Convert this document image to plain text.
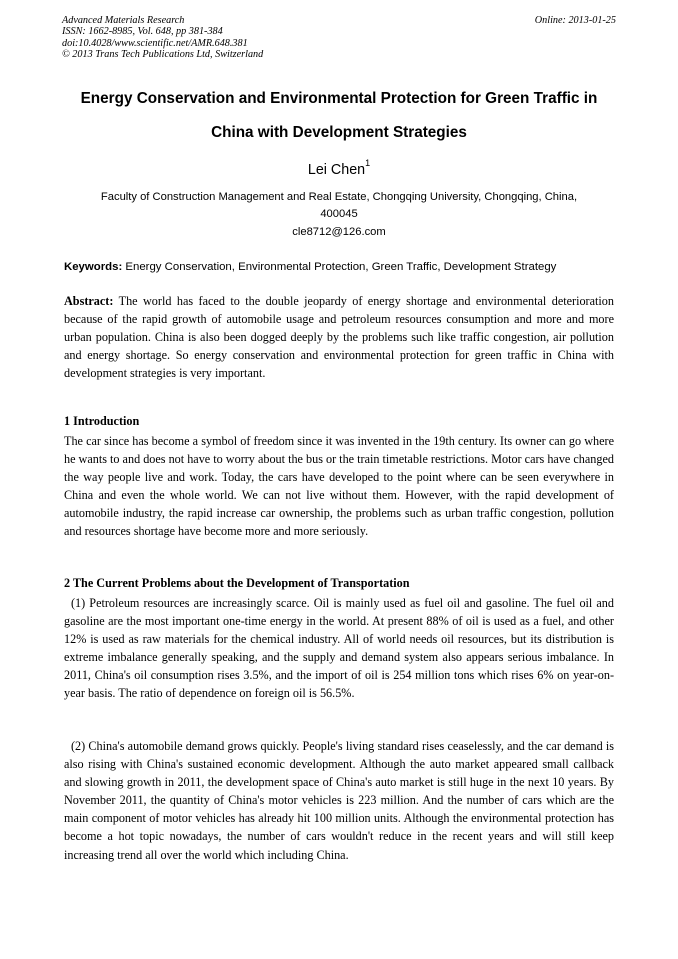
Advanced Materials Research
ISSN: 1662-8985, Vol. 648, pp 381-384
doi:10.4028/www.scientific.net/AMR.648.381
© 2013 Trans Tech Publications Ltd, Switzerland
Online: 2013-01-25
Energy Conservation and Environmental Protection for Green Traffic in
China with Development Strategies
Lei Chen$^1$
Faculty of Construction Management and Real Estate, Chongqing University, Chongqing, China,
400045
cle8712@126.com
Keywords: Energy Conservation, Environmental Protection, Green Traffic, Development Strategy
Abstract: The world has faced to the double jeopardy of energy shortage and environmental deterioration because of the rapid growth of automobile usage and petroleum resources consumption and more and more urban population. China is also been dogged deeply by the problems such like traffic congestion, air pollution and energy shortage. So energy conservation and environmental protection for green traffic in China with development strategies is very important.
1 Introduction
The car since has become a symbol of freedom since it was invented in the 19th century. Its owner can go where he wants to and does not have to worry about the bus or the train timetable restrictions. Motor cars have changed the way people live and work. Today, the cars have developed to the point where can be seen everywhere in China and even the whole world. We can not live without them. However, with the rapid development of automobile industry, the rapid increase car ownership, the problems such as urban traffic congestion, pollution and resources shortage have become more and more seriously.
2 The Current Problems about the Development of Transportation
(1) Petroleum resources are increasingly scarce. Oil is mainly used as fuel oil and gasoline. The fuel oil and gasoline are the most important one-time energy in the world. At present 88% of oil is used as a fuel, and other 12% is used as raw materials for the chemical industry. All of world needs oil resources, but its distribution is extreme imbalance generally speaking, and the supply and demand system also appears serious imbalance. In 2011, China's oil consumption rises 3.5%, and the import of oil is 254 million tons which rises 6% on year-on-year basis. The ratio of dependence on foreign oil is 56.5%.
(2) China's automobile demand grows quickly. People's living standard rises ceaselessly, and the car demand is also rising with China's sustained economic development. Although the auto market appeared small callback and slowing growth in 2011, the development space of China's auto market is still huge in the next 10 years. By November 2011, the quantity of China's motor vehicles is 223 million. And the number of cars which are the main component of motor vehicles has already hit 100 million units. Although the environmental protection has become a hot topic nowadays, the number of cars wouldn't reduce in the recent years and will still keep increasing trend all over the world which including China.
